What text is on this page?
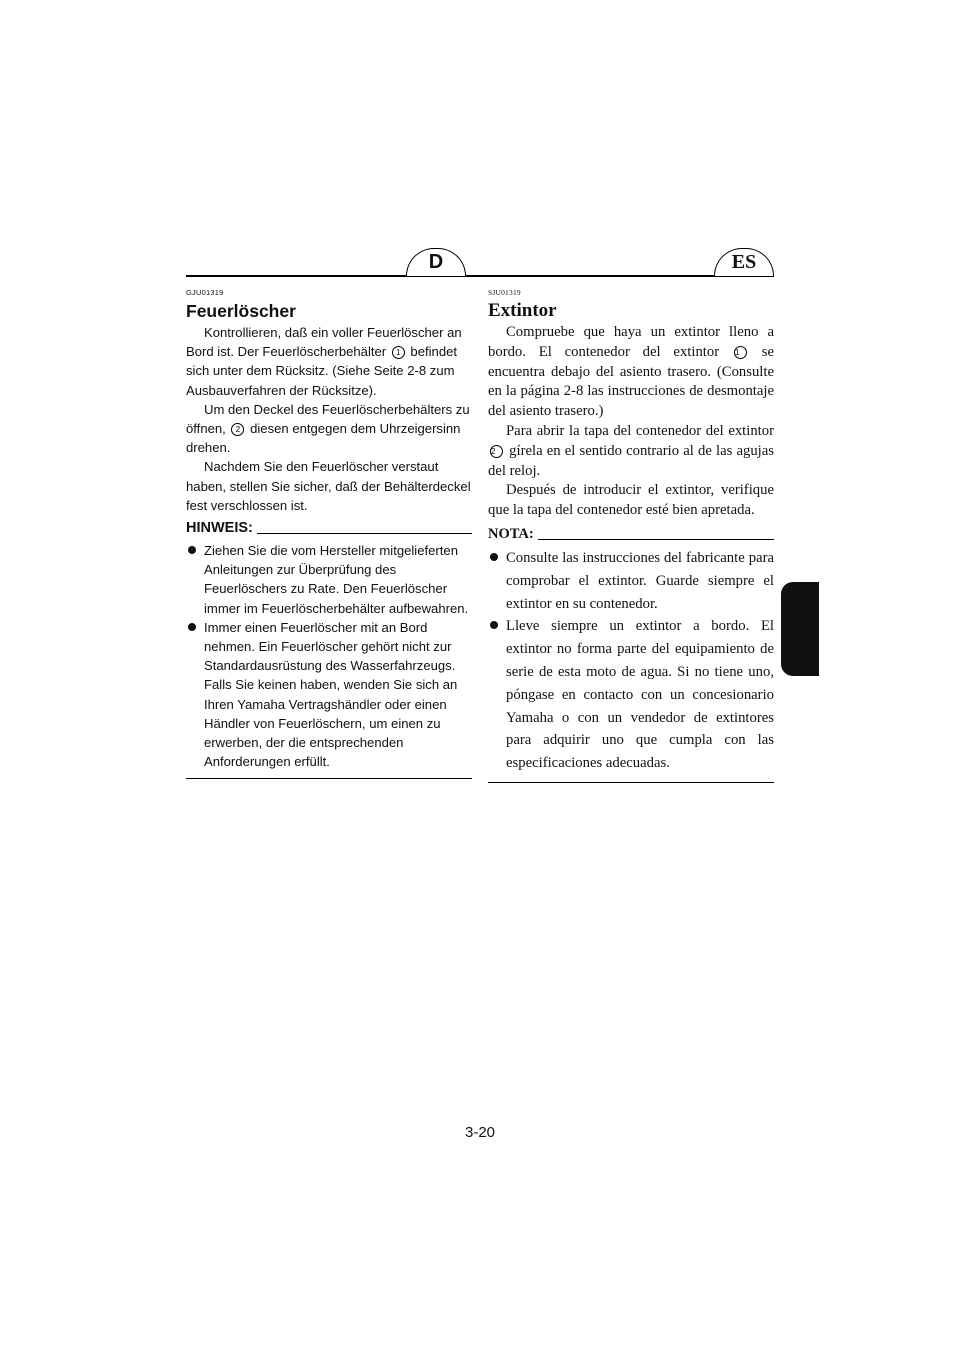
D	ES
GJU01319
Feuerlöscher

Kontrollieren, daß ein voller Feuerlöscher an Bord ist. Der Feuerlöscherbehälter 1 befindet sich unter dem Rücksitz. (Siehe Seite 2-8 zum Ausbauverfahren der Rücksitze).

Um den Deckel des Feuerlöscherbehälters zu öffnen, 2 diesen entgegen dem Uhrzeigersinn drehen.

Nachdem Sie den Feuerlöscher verstaut haben, stellen Sie sicher, daß der Behälterdeckel fest verschlossen ist.

HINWEIS:
Ziehen Sie die vom Hersteller mitgelieferten Anleitungen zur Überprüfung des Feuerlöschers zu Rate. Den Feuerlöscher immer im Feuerlöscherbehälter aufbewahren.
Immer einen Feuerlöscher mit an Bord nehmen. Ein Feuerlöscher gehört nicht zur Standardausrüstung des Wasserfahrzeugs. Falls Sie keinen haben, wenden Sie sich an Ihren Yamaha Vertragshändler oder einen Händler von Feuerlöschern, um einen zu erwerben, der die entsprechenden Anforderungen erfüllt.
SJU01319
Extintor

Compruebe que haya un extintor lleno a bordo. El contenedor del extintor 1 se encuentra debajo del asiento trasero. (Consulte en la página 2-8 las instrucciones de desmontaje del asiento trasero.)

Para abrir la tapa del contenedor del extintor 2 gírela en el sentido contrario al de las agujas del reloj.

Después de introducir el extintor, verifique que la tapa del contenedor esté bien apretada.

NOTA:
Consulte las instrucciones del fabricante para comprobar el extintor. Guarde siempre el extintor en su contenedor.
Lleve siempre un extintor a bordo. El extintor no forma parte del equipamiento de serie de esta moto de agua. Si no tiene uno, póngase en contacto con un concesionario Yamaha o con un vendedor de extintores para adquirir uno que cumpla con las especificaciones adecuadas.
3-20
